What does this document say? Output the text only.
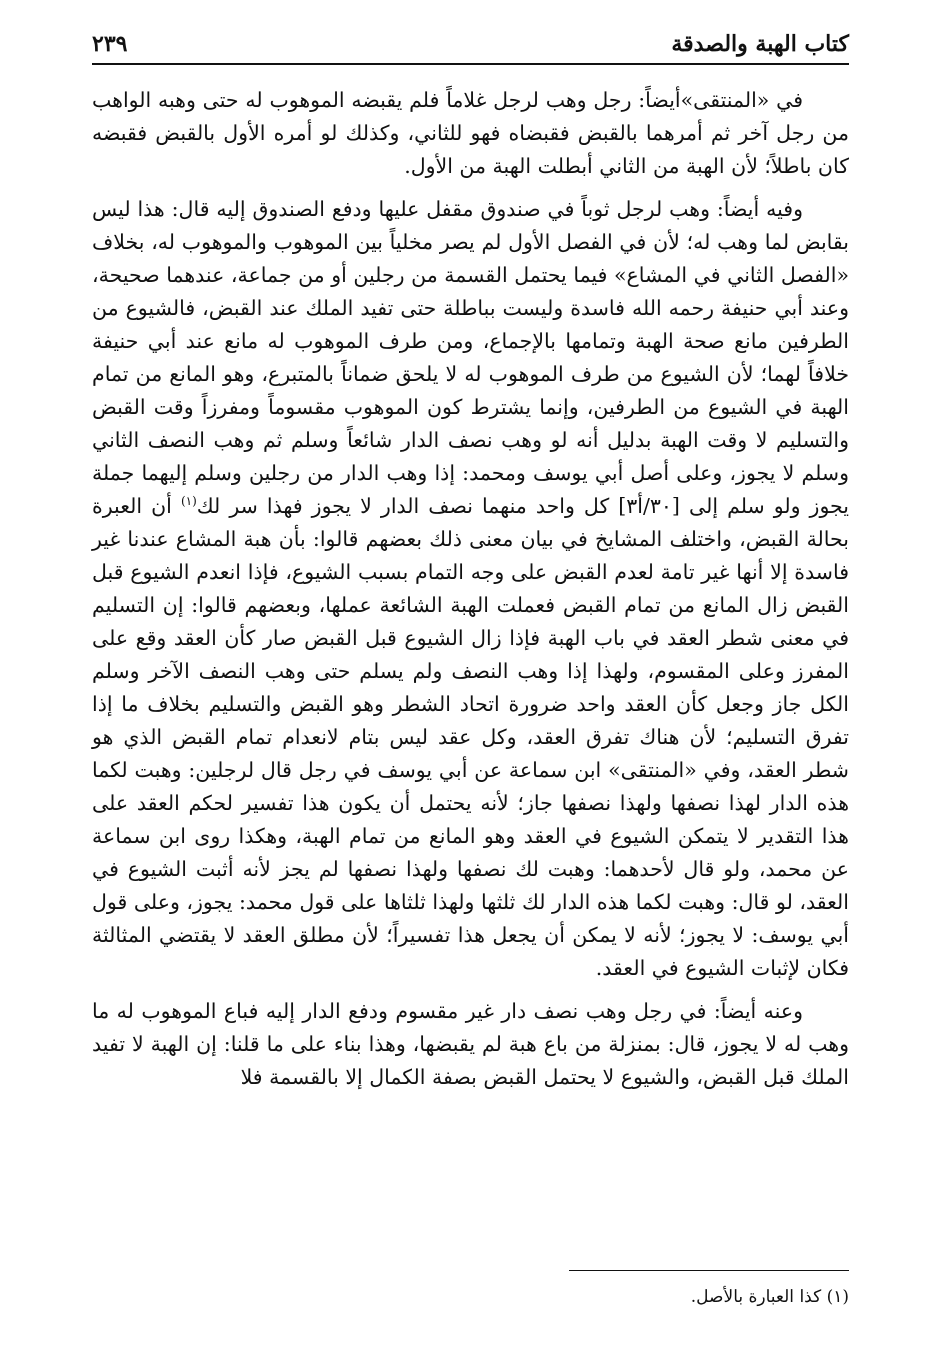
كتاب الهبة والصدقة
٢٣٩

في «المنتقى»أيضاً: رجل وهب لرجل غلاماً فلم يقبضه الموهوب له حتى وهبه الواهب من رجل آخر ثم أمرهما بالقبض فقبضاه فهو للثاني، وكذلك لو أمره الأول بالقبض فقبضه كان باطلاً؛ لأن الهبة من الثاني أبطلت الهبة من الأول.

وفيه أيضاً: وهب لرجل ثوباً في صندوق مقفل عليها ودفع الصندوق إليه قال: هذا ليس بقابض لما وهب له؛ لأن في الفصل الأول لم يصر مخلياً بين الموهوب والموهوب له، بخلاف «الفصل الثاني في المشاع» فيما يحتمل القسمة من رجلين أو من جماعة، عندهما صحيحة، وعند أبي حنيفة رحمه الله فاسدة وليست بباطلة حتى تفيد الملك عند القبض، فالشيوع من الطرفين مانع صحة الهبة وتمامها بالإجماع، ومن طرف الموهوب له مانع عند أبي حنيفة خلافاً لهما؛ لأن الشيوع من طرف الموهوب له لا يلحق ضماناً بالمتبرع، وهو المانع من تمام الهبة في الشيوع من الطرفين، وإنما يشترط كون الموهوب مقسوماً ومفرزاً وقت القبض والتسليم لا وقت الهبة بدليل أنه لو وهب نصف الدار شائعاً وسلم ثم وهب النصف الثاني وسلم لا يجوز، وعلى أصل أبي يوسف ومحمد: إذا وهب الدار من رجلين وسلم إليهما جملة يجوز ولو سلم إلى [٣٠/أ٣] كل واحد منهما نصف الدار لا يجوز فهذا سر لك$^{(١)}$ أن العبرة بحالة القبض، واختلف المشايخ في بيان معنى ذلك بعضهم قالوا: بأن هبة المشاع عندنا غير فاسدة إلا أنها غير تامة لعدم القبض على وجه التمام بسبب الشيوع، فإذا انعدم الشيوع قبل القبض زال المانع من تمام القبض فعملت الهبة الشائعة عملها، وبعضهم قالوا: إن التسليم في معنى شطر العقد في باب الهبة فإذا زال الشيوع قبل القبض صار كأن العقد وقع على المفرز وعلى المقسوم، ولهذا إذا وهب النصف ولم يسلم حتى وهب النصف الآخر وسلم الكل جاز وجعل كأن العقد واحد ضرورة اتحاد الشطر وهو القبض والتسليم بخلاف ما إذا تفرق التسليم؛ لأن هناك تفرق العقد، وكل عقد ليس بتام لانعدام تمام القبض الذي هو شطر العقد، وفي «المنتقى» ابن سماعة عن أبي يوسف في رجل قال لرجلين: وهبت لكما هذه الدار لهذا نصفها ولهذا نصفها جاز؛ لأنه يحتمل أن يكون هذا تفسير لحكم العقد على هذا التقدير لا يتمكن الشيوع في العقد وهو المانع من تمام الهبة، وهكذا روى ابن سماعة عن محمد، ولو قال لأحدهما: وهبت لك نصفها ولهذا نصفها لم يجز لأنه أثبت الشيوع في العقد، لو قال: وهبت لكما هذه الدار لك ثلثها ولهذا ثلثاها على قول محمد: يجوز، وعلى قول أبي يوسف: لا يجوز؛ لأنه لا يمكن أن يجعل هذا تفسيراً؛ لأن مطلق العقد لا يقتضي المثالثة فكان لإثبات الشيوع في العقد.

وعنه أيضاً: في رجل وهب نصف دار غير مقسوم ودفع الدار إليه فباع الموهوب له ما وهب له لا يجوز، قال: بمنزلة من باع هبة لم يقبضها، وهذا بناء على ما قلنا: إن الهبة لا تفيد الملك قبل القبض، والشيوع لا يحتمل القبض بصفة الكمال إلا بالقسمة فلا

(١) كذا العبارة بالأصل.
